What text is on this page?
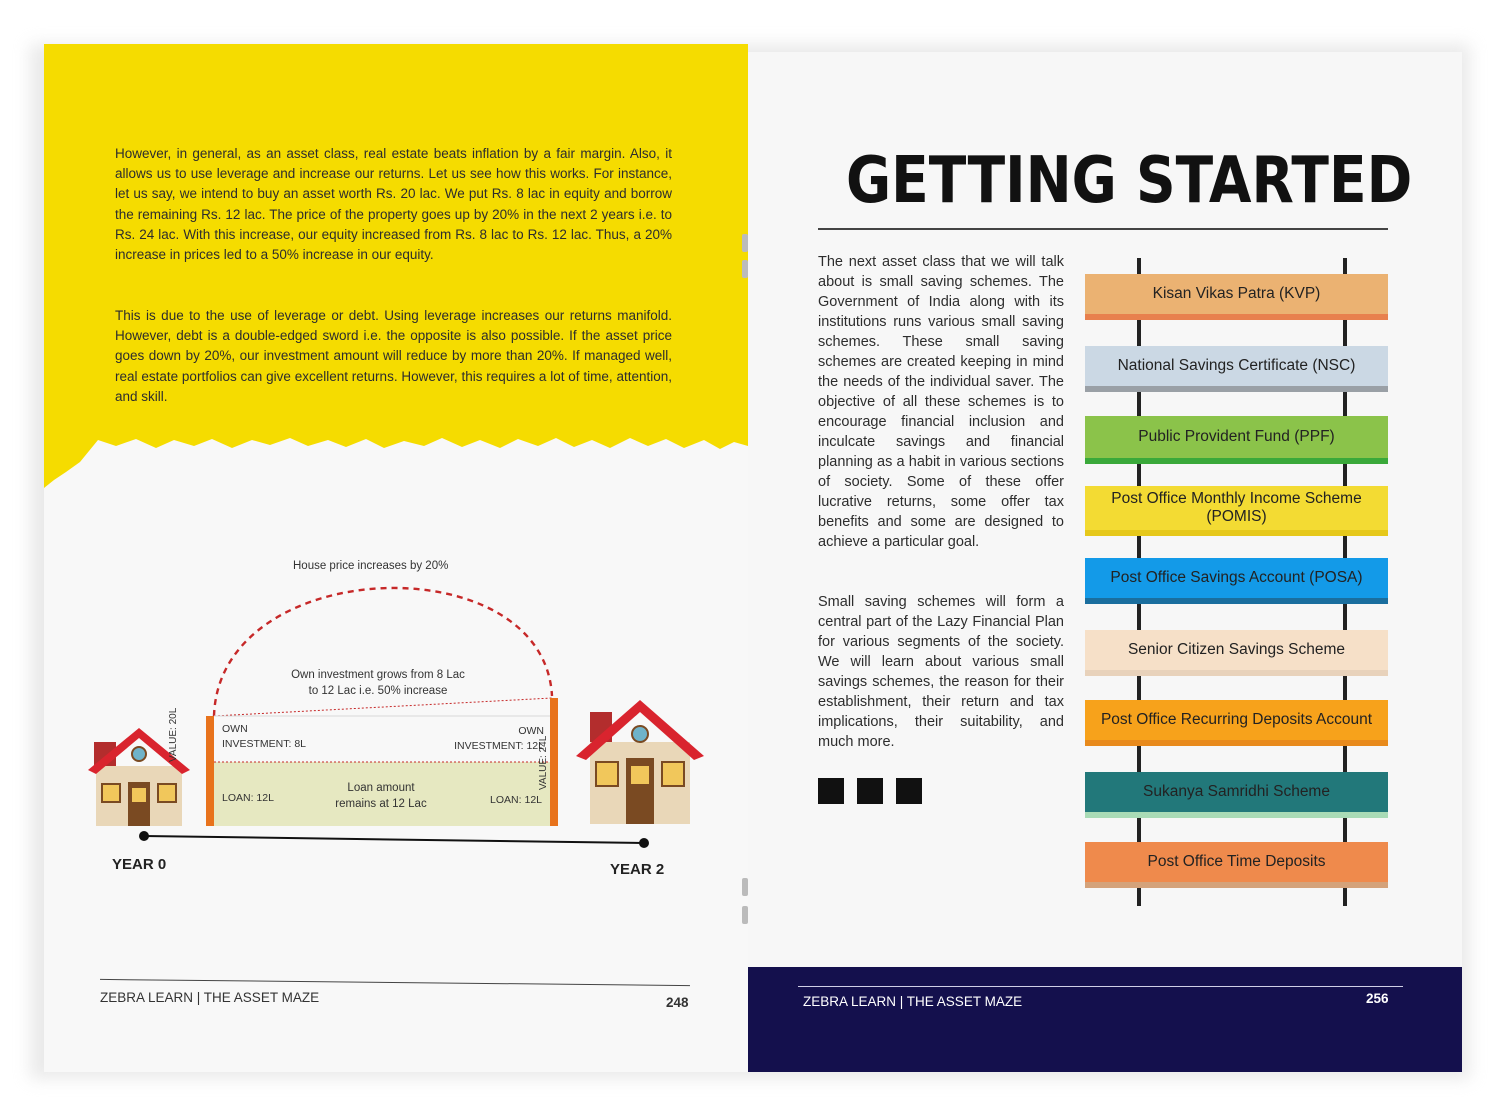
However, in general, as an asset class, real estate beats inflation by a fair margin. Also, it allows us to use leverage and increase our returns. Let us see how this works. For instance, let us say, we intend to buy an asset worth Rs. 20 lac. We put Rs. 8 lac in equity and borrow the remaining Rs. 12 lac. The price of the property goes up by 20% in the next 2 years i.e. to Rs. 24 lac. With this increase, our equity increased from Rs. 8 lac to Rs. 12 lac. Thus, a 20% increase in prices led to a 50% increase in our equity.

This is due to the use of leverage or debt. Using leverage increases our returns manifold. However, debt is a double-edged sword i.e. the opposite is also possible. If the asset price goes down by 20%, our investment amount will reduce by more than 20%. If managed well, real estate portfolios can give excellent returns. However, this requires a lot of time, attention, and skill.

House price increases by 20%
Own investment grows from 8 Lac to 12 Lac i.e. 50% increase
OWN INVESTMENT: 8L
OWN INVESTMENT: 12L
LOAN: 12L	LOAN: 12L
Loan amount remains at 12 Lac
VALUE: 20L
VALUE: 24L
YEAR 0	YEAR 2
ZEBRA LEARN | THE ASSET MAZE	248
GETTING STARTED

The next asset class that we will talk about is small saving schemes. The Government of India along with its institutions runs various small saving schemes. These small saving schemes are created keeping in mind the needs of the individual saver. The objective of all these schemes is to encourage financial inclusion and inculcate savings and financial planning as a habit in various sections of society. Some of these offer lucrative returns, some offer tax benefits and some are designed to achieve a particular goal.

Small saving schemes will form a central part of the Lazy Financial Plan for various segments of the society. We will learn about various small savings schemes, the reason for their establishment, their return and tax implications, their suitability, and much more.

Kisan Vikas Patra (KVP)
National Savings Certificate (NSC)
Public Provident Fund (PPF)
Post Office Monthly Income Scheme (POMIS)
Post Office Savings Account (POSA)
Senior Citizen Savings Scheme
Post Office Recurring Deposits Account
Sukanya Samridhi Scheme
Post Office Time Deposits
ZEBRA LEARN | THE ASSET MAZE	256
